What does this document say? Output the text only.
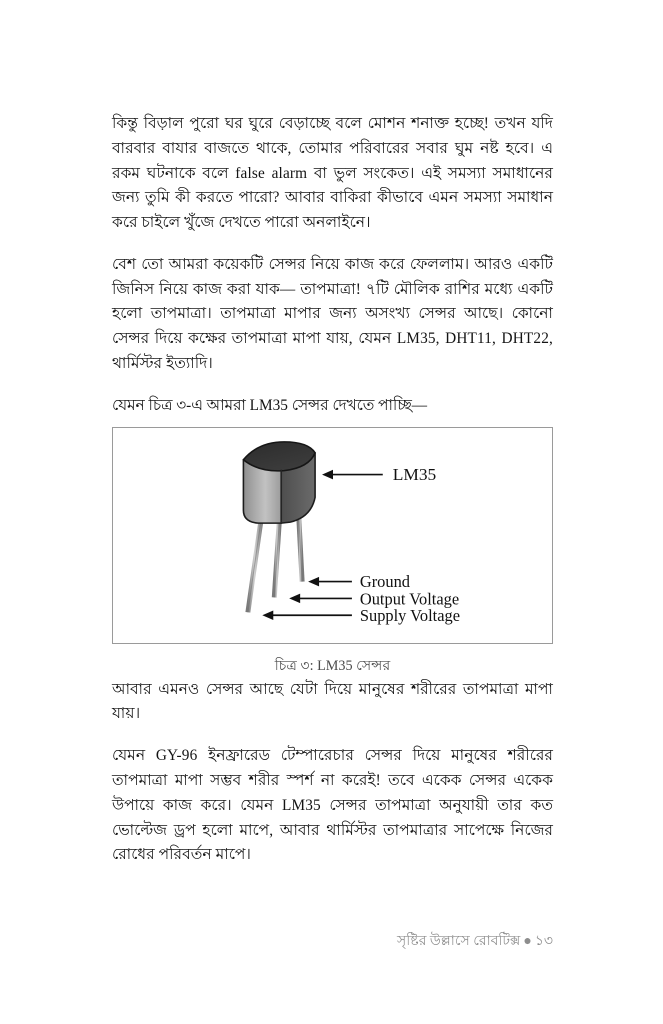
কিন্তু বিড়াল পুরো ঘর ঘুরে বেড়াচ্ছে বলে মোশন শনাক্ত হচ্ছে! তখন যদি বারবার বাযার বাজতে থাকে, তোমার পরিবারের সবার ঘুম নষ্ট হবে। এ রকম ঘটনাকে বলে false alarm বা ভুল সংকেত। এই সমস্যা সমাধানের জন্য তুমি কী করতে পারো? আবার বাকিরা কীভাবে এমন সমস্যা সমাধান করে চাইলে খুঁজে দেখতে পারো অনলাইনে।

বেশ তো আমরা কয়েকটি সেন্সর নিয়ে কাজ করে ফেললাম। আরও একটি জিনিস নিয়ে কাজ করা যাক— তাপমাত্রা! ৭টি মৌলিক রাশির মধ্যে একটি হলো তাপমাত্রা। তাপমাত্রা মাপার জন্য অসংখ্য সেন্সর আছে। কোনো সেন্সর দিয়ে কক্ষের তাপমাত্রা মাপা যায়, যেমন LM35, DHT11, DHT22, থার্মিস্টর ইত্যাদি।

যেমন চিত্র ৩-এ আমরা LM35 সেন্সর দেখতে পাচ্ছি—

LM35
Ground
Output Voltage
Supply Voltage

চিত্র ৩: LM35 সেন্সর

আবার এমনও সেন্সর আছে যেটা দিয়ে মানুষের শরীরের তাপমাত্রা মাপা যায়।

যেমন GY-96 ইনফ্রারেড টেম্পারেচার সেন্সর দিয়ে মানুষের শরীরের তাপমাত্রা মাপা সম্ভব শরীর স্পর্শ না করেই! তবে একেক সেন্সর একেক উপায়ে কাজ করে। যেমন LM35 সেন্সর তাপমাত্রা অনুযায়ী তার কত ভোল্টেজ ড্রপ হলো মাপে, আবার থার্মিস্টর তাপমাত্রার সাপেক্ষে নিজের রোধের পরিবর্তন মাপে।

সৃষ্টির উল্লাসে রোবটিক্স ● ১৩
